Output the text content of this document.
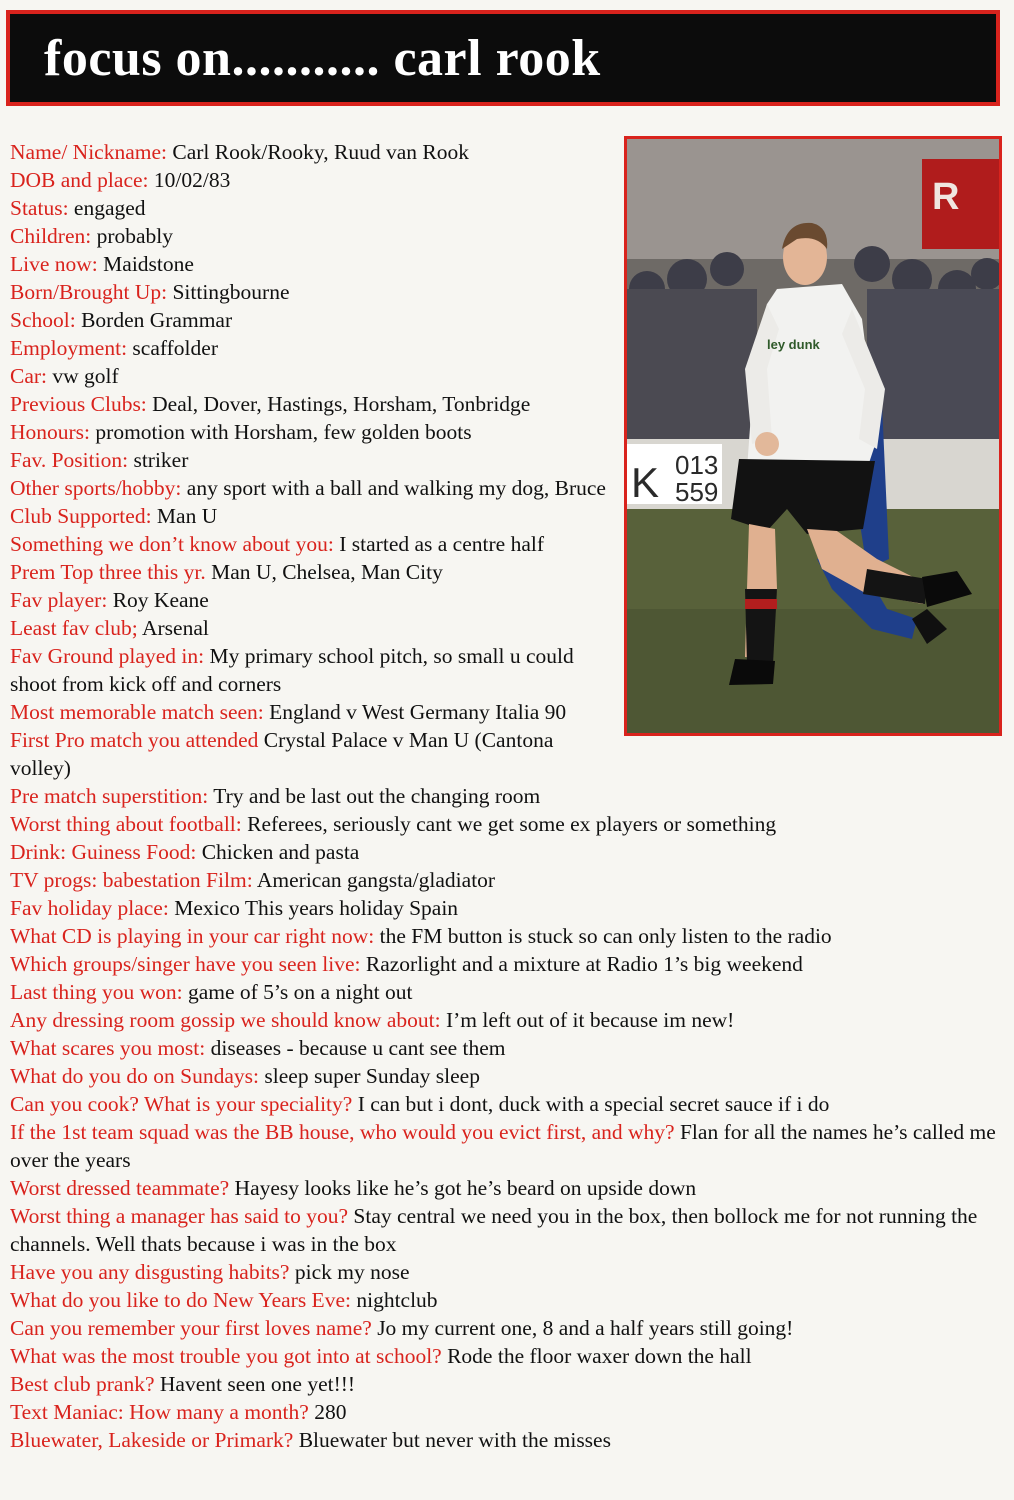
focus on........... carl rook
R
K 013
559
ley dunk
Name/ Nickname: Carl Rook/Rooky, Ruud van Rook
DOB and place: 10/02/83
Status: engaged
Children: probably
Live now: Maidstone
Born/Brought Up: Sittingbourne
School: Borden Grammar
Employment: scaffolder
Car: vw golf
Previous Clubs: Deal, Dover, Hastings, Horsham, Tonbridge
Honours: promotion with Horsham, few golden boots
Fav. Position: striker
Other sports/hobby: any sport with a ball and walking my dog, Bruce
Club Supported: Man U
Something we don’t know about you: I started as a centre half
Prem Top three this yr. Man U, Chelsea, Man City
Fav player: Roy Keane
Least fav club; Arsenal
Fav Ground played in: My primary school pitch, so small u could shoot from kick off and corners
Most memorable match seen: England v West Germany Italia 90
First Pro match you attended Crystal Palace v Man U (Cantona volley)
Pre match superstition: Try and be last out the changing room
Worst thing about football: Referees, seriously cant we get some ex players or something
Drink: Guiness Food: Chicken and pasta
TV progs: babestation Film: American gangsta/gladiator
Fav holiday place: Mexico This years holiday Spain
What CD is playing in your car right now: the FM button is stuck so can only listen to the radio
Which groups/singer have you seen live: Razorlight and a mixture at Radio 1’s big weekend
Last thing you won: game of 5’s on a night out
Any dressing room gossip we should know about: I’m left out of it because im new!
What scares you most: diseases - because u cant see them
What do you do on Sundays: sleep super Sunday sleep
Can you cook? What is your speciality? I can but i dont, duck with a special secret sauce if i do
If the 1st team squad was the BB house, who would you evict first, and why? Flan for all the names he’s called me over the years
Worst dressed teammate? Hayesy looks like he’s got he’s beard on upside down
Worst thing a manager has said to you? Stay central we need you in the box, then bollock me for not running the channels. Well thats because i was in the box
Have you any disgusting habits? pick my nose
What do you like to do New Years Eve: nightclub
Can you remember your first loves name? Jo my current one, 8 and a half years still going!
What was the most trouble you got into at school? Rode the floor waxer down the hall
Best club prank? Havent seen one yet!!!
Text Maniac: How many a month? 280
Bluewater, Lakeside or Primark? Bluewater but never with the misses
